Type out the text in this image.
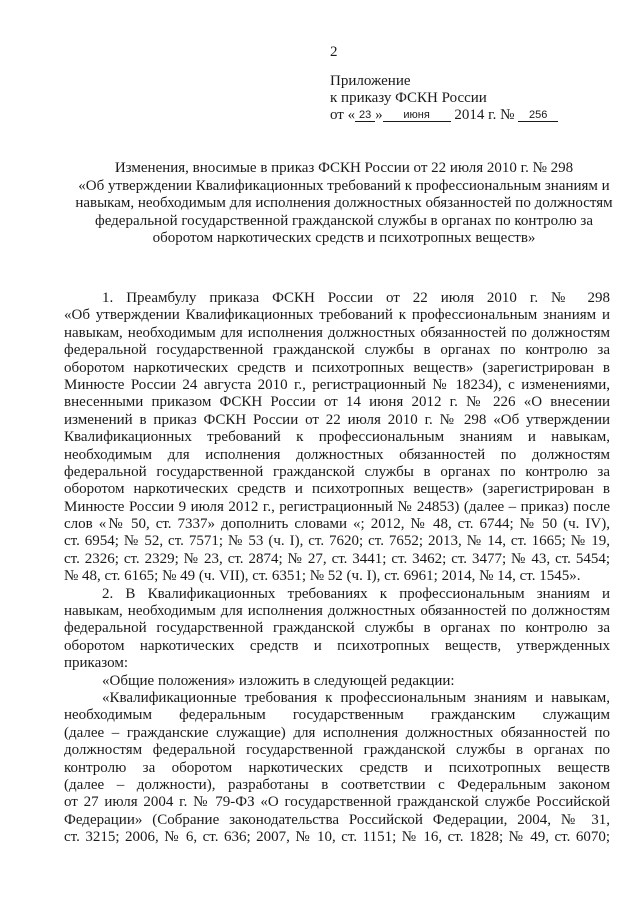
2
Приложение
к приказу ФСКН России
от « 23 » июня 2014 г. № 256
Изменения, вносимые в приказ ФСКН России от 22 июля 2010 г. № 298
«Об утверждении Квалификационных требований к профессиональным знаниям и
навыкам, необходимым для исполнения должностных обязанностей по должностям
федеральной государственной гражданской службы в органах по контролю за
оборотом наркотических средств и психотропных веществ»
1. Преамбулу приказа ФСКН России от 22 июля 2010 г. № 298
«Об утверждении Квалификационных требований к профессиональным знаниям и
навыкам, необходимым для исполнения должностных обязанностей по должностям
федеральной государственной гражданской службы в органах по контролю за
оборотом наркотических средств и психотропных веществ» (зарегистрирован в
Минюсте России 24 августа 2010 г., регистрационный № 18234), с изменениями,
внесенными приказом ФСКН России от 14 июня 2012 г. № 226 «О внесении
изменений в приказ ФСКН России от 22 июля 2010 г. № 298 «Об утверждении
Квалификационных требований к профессиональным знаниям и навыкам,
необходимым для исполнения должностных обязанностей по должностям
федеральной государственной гражданской службы в органах по контролю за
оборотом наркотических средств и психотропных веществ» (зарегистрирован в
Минюсте России 9 июля 2012 г., регистрационный № 24853) (далее – приказ) после
слов «№ 50, ст. 7337» дополнить словами «; 2012, № 48, ст. 6744; № 50 (ч. IV),
ст. 6954; № 52, ст. 7571; № 53 (ч. I), ст. 7620; ст. 7652; 2013, № 14, ст. 1665; № 19,
ст. 2326; ст. 2329; № 23, ст. 2874; № 27, ст. 3441; ст. 3462; ст. 3477; № 43, ст. 5454;
№ 48, ст. 6165; № 49 (ч. VII), ст. 6351; № 52 (ч. I), ст. 6961; 2014, № 14, ст. 1545».
2. В Квалификационных требованиях к профессиональным знаниям и
навыкам, необходимым для исполнения должностных обязанностей по должностям
федеральной государственной гражданской службы в органах по контролю за
оборотом наркотических средств и психотропных веществ, утвержденных
приказом:
«Общие положения» изложить в следующей редакции:
«Квалификационные требования к профессиональным знаниям и навыкам,
необходимым федеральным государственным гражданским служащим
(далее – гражданские служащие) для исполнения должностных обязанностей по
должностям федеральной государственной гражданской службы в органах по
контролю за оборотом наркотических средств и психотропных веществ
(далее – должности), разработаны в соответствии с Федеральным законом
от 27 июля 2004 г. № 79-ФЗ «О государственной гражданской службе Российской
Федерации» (Собрание законодательства Российской Федерации, 2004, № 31,
ст. 3215; 2006, № 6, ст. 636; 2007, № 10, ст. 1151; № 16, ст. 1828; № 49, ст. 6070;
